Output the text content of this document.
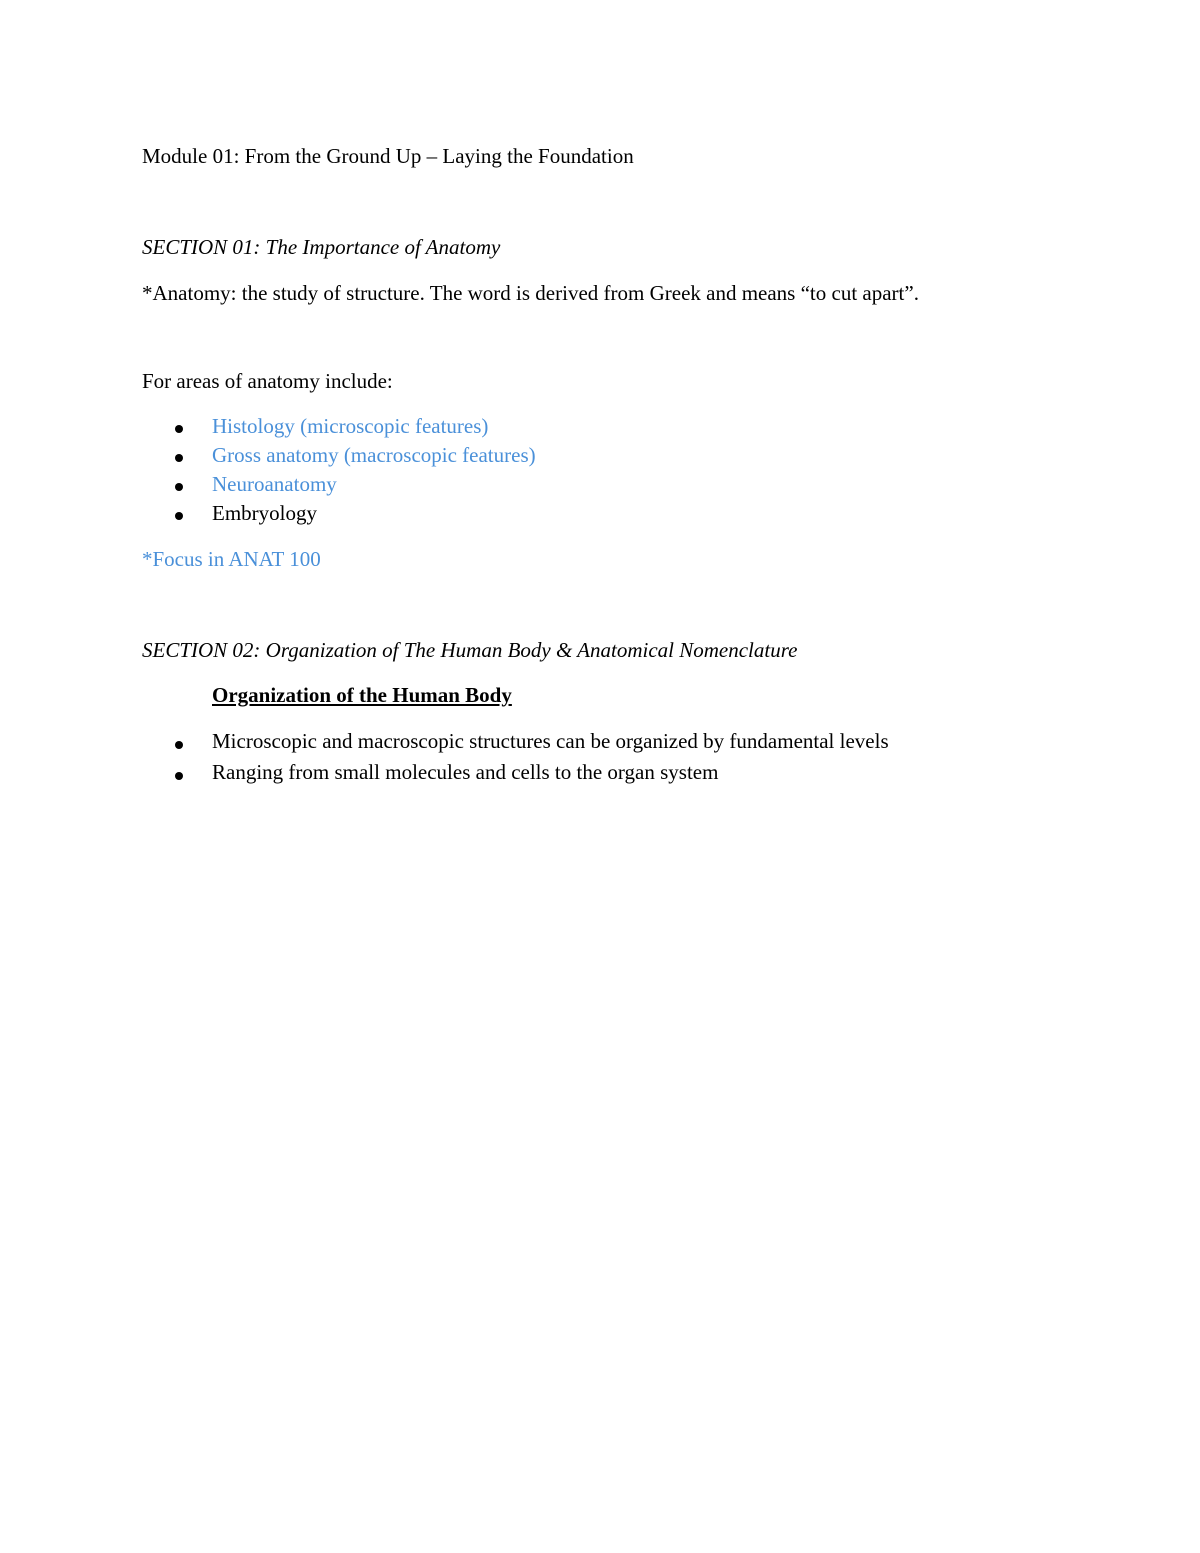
Module 01: From the Ground Up – Laying the Foundation
SECTION 01: The Importance of Anatomy
*Anatomy: the study of structure. The word is derived from Greek and means “to cut apart”.
For areas of anatomy include:
Histology (microscopic features)
Gross anatomy (macroscopic features)
Neuroanatomy
Embryology
*Focus in ANAT 100
SECTION 02: Organization of The Human Body & Anatomical Nomenclature
Organization of the Human Body
Microscopic and macroscopic structures can be organized by fundamental levels
Ranging from small molecules and cells to the organ system
